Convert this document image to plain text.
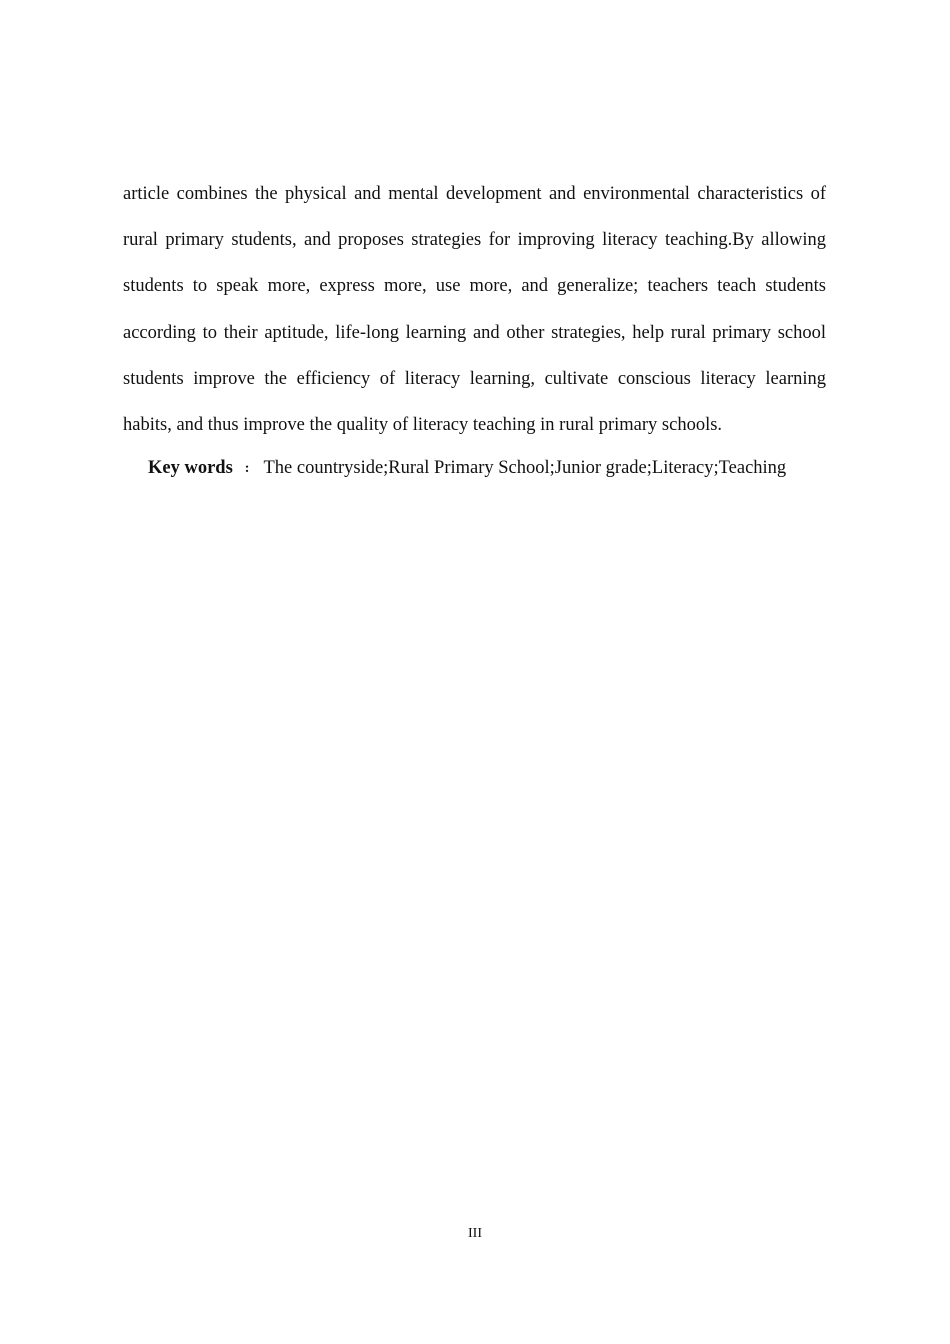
article combines the physical and mental development and environmental characteristics of
rural primary students, and proposes strategies for improving literacy teaching.By allowing
students to speak more, express more, use more, and generalize; teachers teach students
according to their aptitude, life-long learning and other strategies, help rural primary school
students improve the efficiency of literacy learning, cultivate conscious literacy learning
habits, and thus improve the quality of literacy teaching in rural primary schools.
Key words : The countryside;Rural Primary School;Junior grade;Literacy;Teaching
III
